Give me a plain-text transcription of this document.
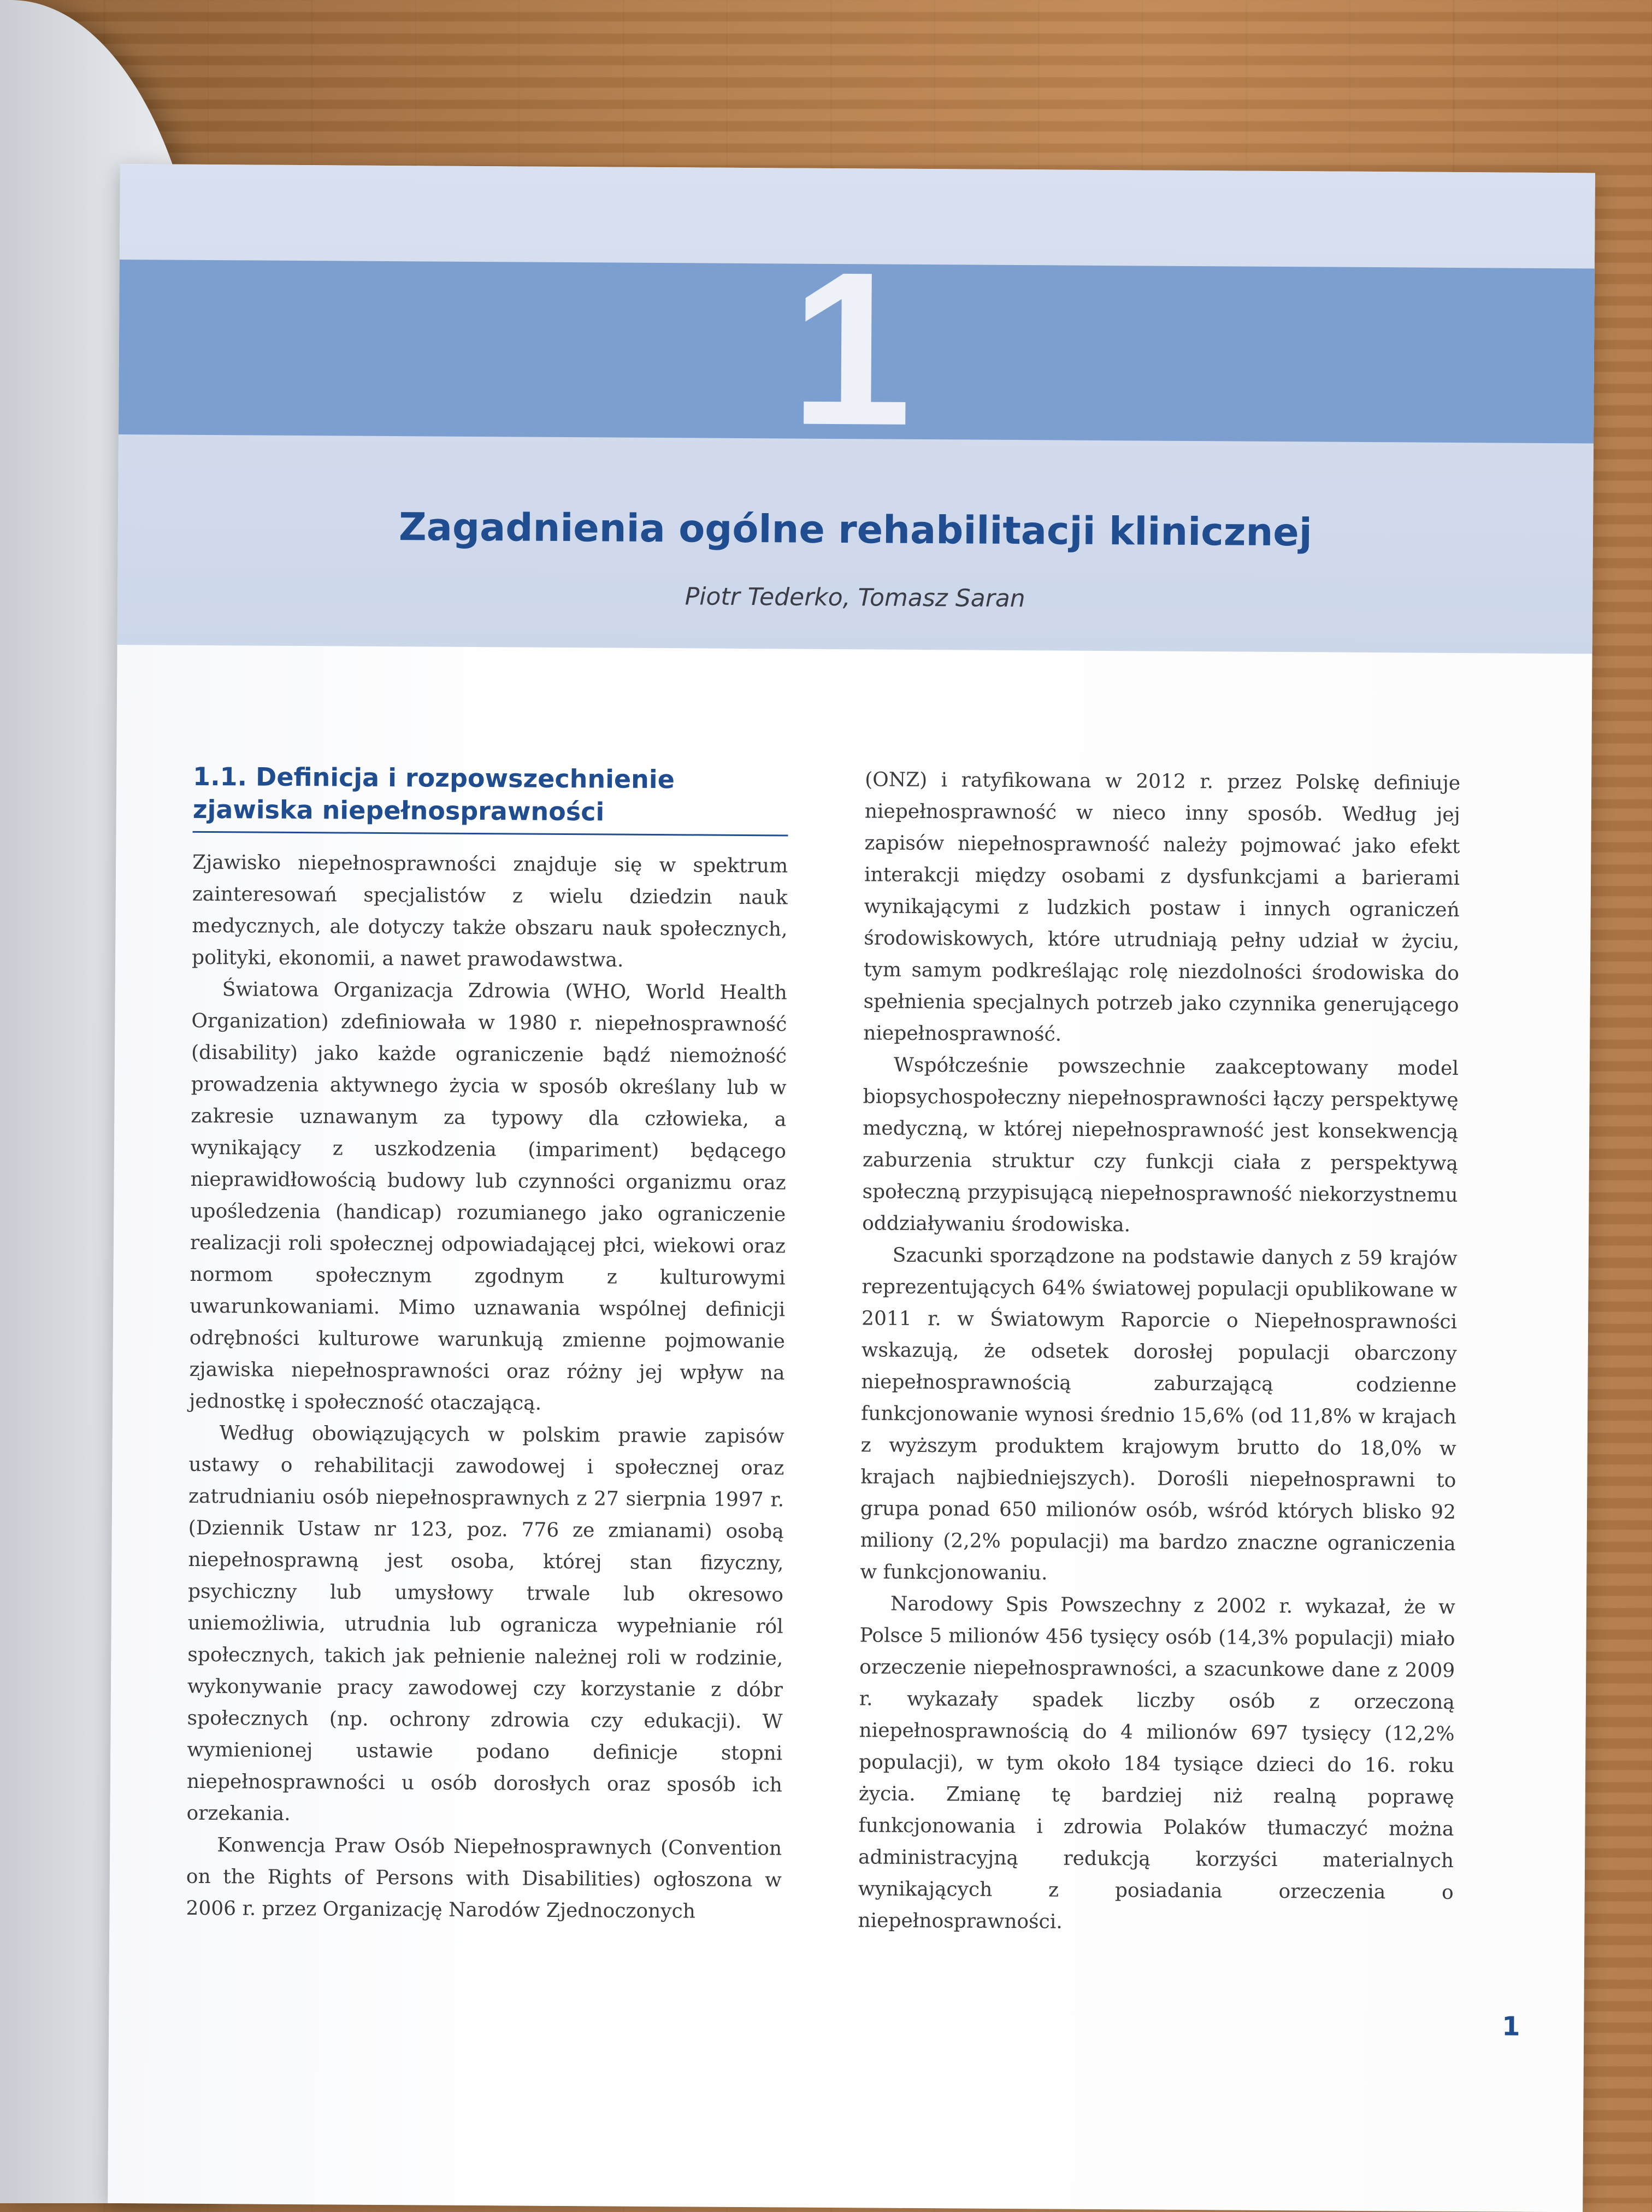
1
Zagadnienia ogólne rehabilitacji klinicznej
Piotr Tederko, Tomasz Saran
1.1. Definicja i rozpowszechnienie zjawiska niepełnosprawności

Zjawisko niepełnosprawności znajduje się w spektrum zainteresowań specjalistów z wielu dziedzin nauk medycznych, ale dotyczy także obszaru nauk społecznych, polityki, ekonomii, a nawet prawodawstwa.

Światowa Organizacja Zdrowia (WHO, World Health Organization) zdefiniowała w 1980 r. niepełnosprawność (disability) jako każde ograniczenie bądź niemożność prowadzenia aktywnego życia w sposób określany lub w zakresie uznawanym za typowy dla człowieka, a wynikający z uszkodzenia (impariment) będącego nieprawidłowością budowy lub czynności organizmu oraz upośledzenia (handicap) rozumianego jako ograniczenie realizacji roli społecznej odpowiadającej płci, wiekowi oraz normom społecznym zgodnym z kulturowymi uwarunkowaniami. Mimo uznawania wspólnej definicji odrębności kulturowe warunkują zmienne pojmowanie zjawiska niepełnosprawności oraz różny jej wpływ na jednostkę i społeczność otaczającą.

Według obowiązujących w polskim prawie zapisów ustawy o rehabilitacji zawodowej i społecznej oraz zatrudnianiu osób niepełnosprawnych z 27 sierpnia 1997 r. (Dziennik Ustaw nr 123, poz. 776 ze zmianami) osobą niepełnosprawną jest osoba, której stan fizyczny, psychiczny lub umysłowy trwale lub okresowo uniemożliwia, utrudnia lub ogranicza wypełnianie ról społecznych, takich jak pełnienie należnej roli w rodzinie, wykonywanie pracy zawodowej czy korzystanie z dóbr społecznych (np. ochrony zdrowia czy edukacji). W wymienionej ustawie podano definicje stopni niepełnosprawności u osób dorosłych oraz sposób ich orzekania.

Konwencja Praw Osób Niepełnosprawnych (Convention on the Rights of Persons with Disabilities) ogłoszona w 2006 r. przez Organizację Narodów Zjednoczonych

(ONZ) i ratyfikowana w 2012 r. przez Polskę definiuje niepełnosprawność w nieco inny sposób. Według jej zapisów niepełnosprawność należy pojmować jako efekt interakcji między osobami z dysfunkcjami a barierami wynikającymi z ludzkich postaw i innych ograniczeń środowiskowych, które utrudniają pełny udział w życiu, tym samym podkreślając rolę niezdolności środowiska do spełnienia specjalnych potrzeb jako czynnika generującego niepełnosprawność.

Współcześnie powszechnie zaakceptowany model biopsychospołeczny niepełnosprawności łączy perspektywę medyczną, w której niepełnosprawność jest konsekwencją zaburzenia struktur czy funkcji ciała z perspektywą społeczną przypisującą niepełnosprawność niekorzystnemu oddziaływaniu środowiska.

Szacunki sporządzone na podstawie danych z 59 krajów reprezentujących 64% światowej populacji opublikowane w 2011 r. w Światowym Raporcie o Niepełnosprawności wskazują, że odsetek dorosłej populacji obarczony niepełnosprawnością zaburzającą codzienne funkcjonowanie wynosi średnio 15,6% (od 11,8% w krajach z wyższym produktem krajowym brutto do 18,0% w krajach najbiedniejszych). Dorośli niepełnosprawni to grupa ponad 650 milionów osób, wśród których blisko 92 miliony (2,2% populacji) ma bardzo znaczne ograniczenia w funkcjonowaniu.

Narodowy Spis Powszechny z 2002 r. wykazał, że w Polsce 5 milionów 456 tysięcy osób (14,3% populacji) miało orzeczenie niepełnosprawności, a szacunkowe dane z 2009 r. wykazały spadek liczby osób z orzeczoną niepełnosprawnością do 4 milionów 697 tysięcy (12,2% populacji), w tym około 184 tysiące dzieci do 16. roku życia. Zmianę tę bardziej niż realną poprawę funkcjonowania i zdrowia Polaków tłumaczyć można administracyjną redukcją korzyści materialnych wynikających z posiadania orzeczenia o niepełnosprawności.

1
